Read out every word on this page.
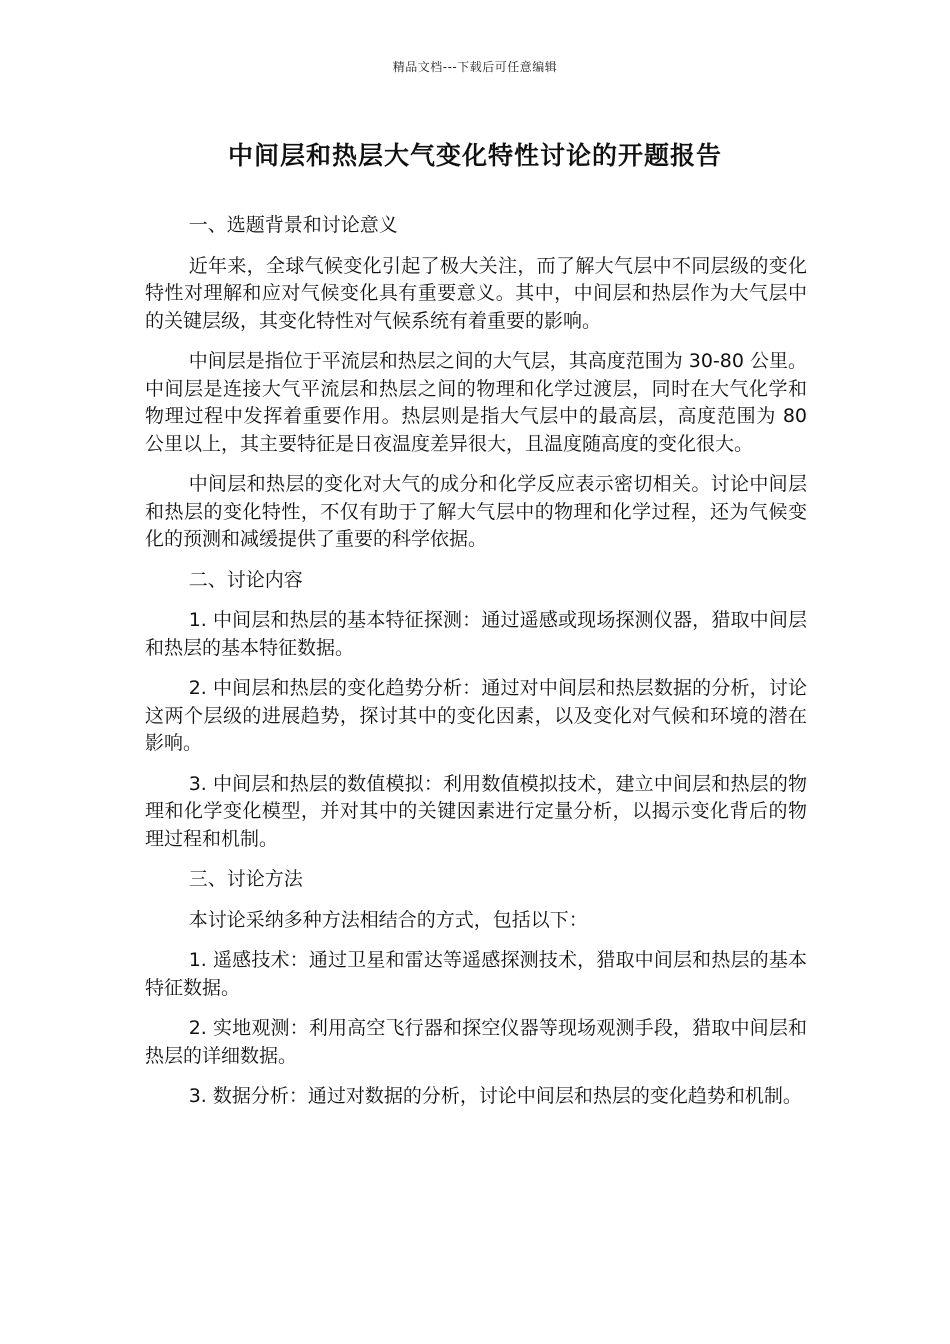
精品文档---下载后可任意编辑
中间层和热层大气变化特性讨论的开题报告

一、选题背景和讨论意义

近年来，全球气候变化引起了极大关注，而了解大气层中不同层级的变化特性对理解和应对气候变化具有重要意义。其中，中间层和热层作为大气层中的关键层级，其变化特性对气候系统有着重要的影响。

中间层是指位于平流层和热层之间的大气层，其高度范围为 30-80 公里。中间层是连接大气平流层和热层之间的物理和化学过渡层，同时在大气化学和物理过程中发挥着重要作用。热层则是指大气层中的最高层，高度范围为 80 公里以上，其主要特征是日夜温度差异很大，且温度随高度的变化很大。

中间层和热层的变化对大气的成分和化学反应表示密切相关。讨论中间层和热层的变化特性，不仅有助于了解大气层中的物理和化学过程，还为气候变化的预测和减缓提供了重要的科学依据。

二、讨论内容

1. 中间层和热层的基本特征探测：通过遥感或现场探测仪器，猎取中间层和热层的基本特征数据。

2. 中间层和热层的变化趋势分析：通过对中间层和热层数据的分析，讨论这两个层级的进展趋势，探讨其中的变化因素，以及变化对气候和环境的潜在影响。

3. 中间层和热层的数值模拟：利用数值模拟技术，建立中间层和热层的物理和化学变化模型，并对其中的关键因素进行定量分析，以揭示变化背后的物理过程和机制。

三、讨论方法

本讨论采纳多种方法相结合的方式，包括以下：

1. 遥感技术：通过卫星和雷达等遥感探测技术，猎取中间层和热层的基本特征数据。

2. 实地观测：利用高空飞行器和探空仪器等现场观测手段，猎取中间层和热层的详细数据。

3. 数据分析：通过对数据的分析，讨论中间层和热层的变化趋势和机制。
